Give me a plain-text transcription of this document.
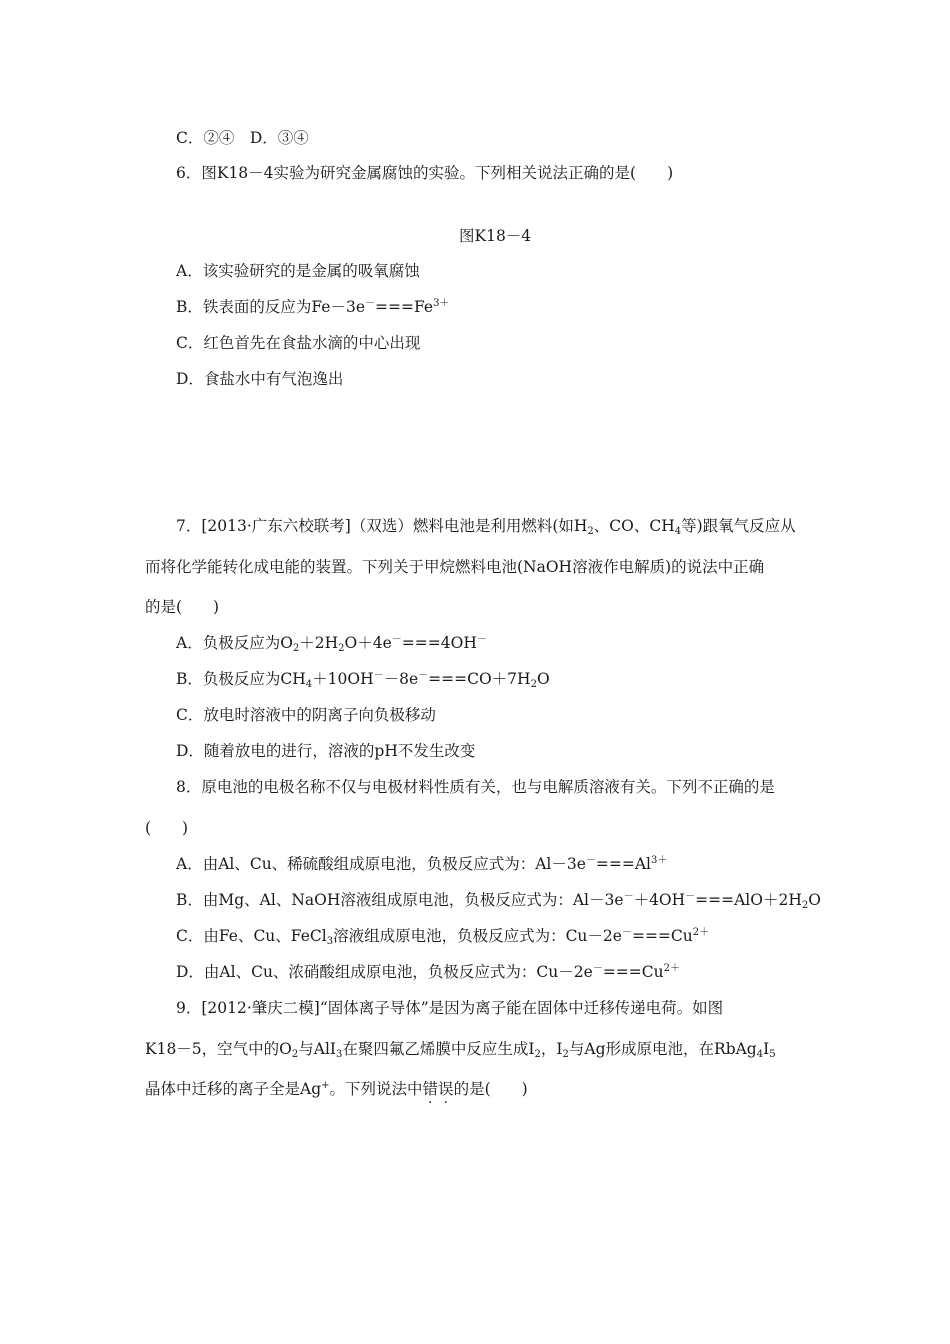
C．②④　D．③④
6．图K18－4实验为研究金属腐蚀的实验。下列相关说法正确的是(　　)
图K18－4
A．该实验研究的是金属的吸氧腐蚀
B．铁表面的反应为$Fe-3e^-===Fe^{3+}$
C．红色首先在食盐水滴的中心出现
D．食盐水中有气泡逸出
7．[2013·广东六校联考]（双选）燃料电池是利用燃料(如$H_2$、CO、$CH_4$等)跟氧气反应从
而将化学能转化成电能的装置。下列关于甲烷燃料电池(NaOH溶液作电解质)的说法中正确
的是(　　)
A．负极反应为$O_2+2H_2O+4e^-===4OH^-$
B．负极反应为$CH_4+10OH^--8e^-===CO+7H_2O$
C．放电时溶液中的阴离子向负极移动
D．随着放电的进行，溶液的pH不发生改变
8．原电池的电极名称不仅与电极材料性质有关，也与电解质溶液有关。下列不正确的是
(　　)
A．由Al、Cu、稀硫酸组成原电池，负极反应式为：$Al-3e^-===Al^{3+}$
B．由Mg、Al、NaOH溶液组成原电池，负极反应式为：$Al-3e^-+4OH^-===AlO+2H_2O$
C．由Fe、Cu、FeCl$_3$溶液组成原电池，负极反应式为：$Cu-2e^-===Cu^{2+}$
D．由Al、Cu、浓硝酸组成原电池，负极反应式为：$Cu-2e^-===Cu^{2+}$
9．[2012·肇庆二模]“固体离子导体”是因为离子能在固体中迁移传递电荷。如图
K18－5，空气中的$O_2$与AlI$_3$在聚四氟乙烯膜中反应生成$I_2$，$I_2$与Ag形成原电池，在$RbAg_4I_5$
晶体中迁移的离子全是Ag+。下列说法中错误的是(　　)
